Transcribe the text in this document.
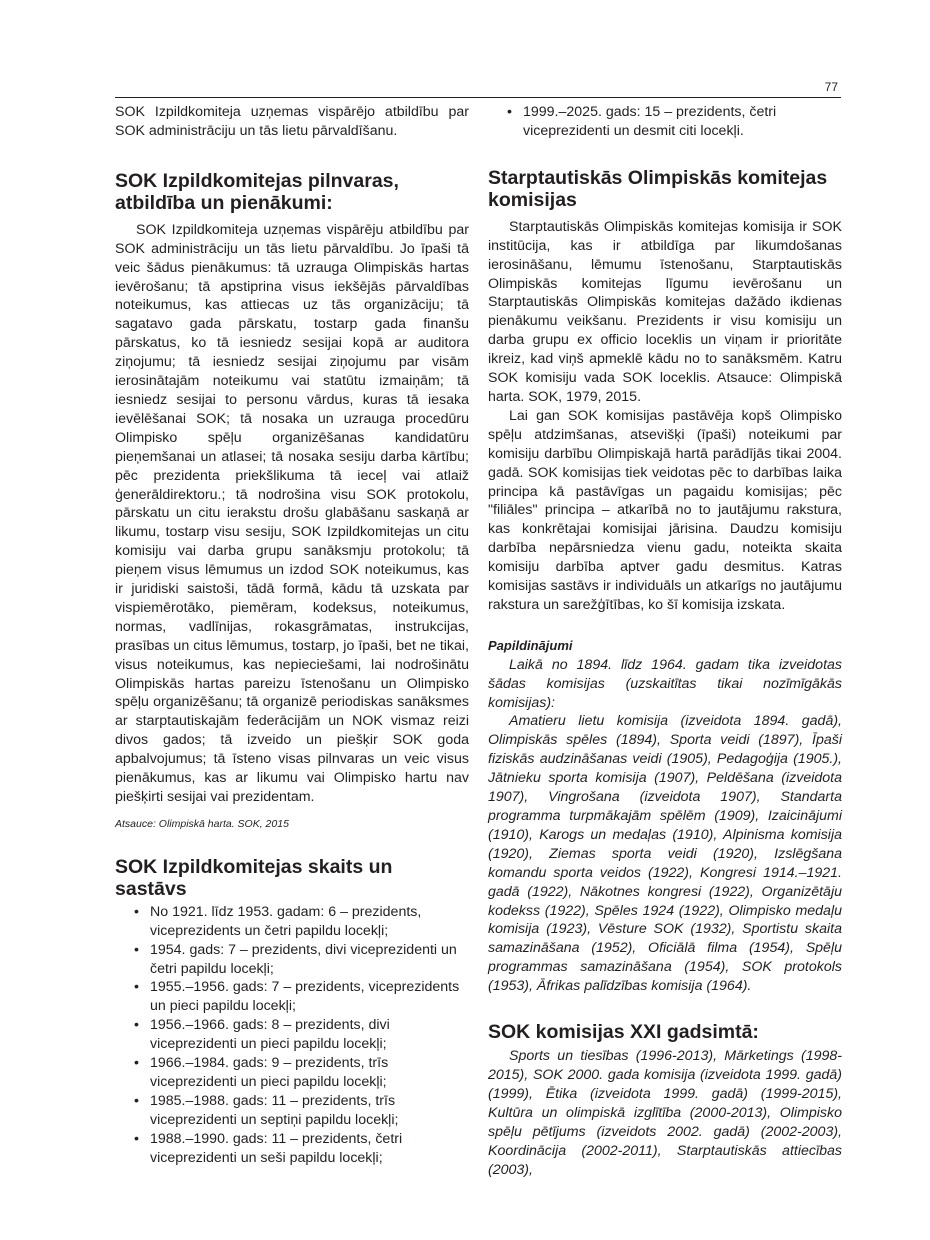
77

SOK Izpildkomiteja uzņemas vispārējo atbildību par SOK administrāciju un tās lietu pārvaldīšanu.

SOK Izpildkomitejas pilnvaras, atbildība un pienākumi:

SOK Izpildkomiteja uzņemas vispārēju atbildību par SOK administrāciju un tās lietu pārvaldību. Jo īpaši tā veic šādus pienākumus: tā uzrauga Olimpiskās hartas ievērošanu; tā apstiprina visus iekšējās pārvaldības noteikumus, kas attiecas uz tās organizāciju; tā sagatavo gada pārskatu, tostarp gada finanšu pārskatus, ko tā iesniedz sesijai kopā ar auditora ziņojumu; tā iesniedz sesijai ziņojumu par visām ierosinātajām noteikumu vai statūtu izmaiņām; tā iesniedz sesijai to personu vārdus, kuras tā iesaka ievēlēšanai SOK; tā nosaka un uzrauga procedūru Olimpisko spēļu organizēšanas kandidatūru pieņemšanai un atlasei; tā nosaka sesiju darba kārtību; pēc prezidenta priekšlikuma tā ieceļ vai atlaiž ģenerāldirektoru.; tā nodrošina visu SOK protokolu, pārskatu un citu ierakstu drošu glabāšanu saskaņā ar likumu, tostarp visu sesiju, SOK Izpildkomitejas un citu komisiju vai darba grupu sanāksmju protokolu; tā pieņem visus lēmumus un izdod SOK noteikumus, kas ir juridiski saistoši, tādā formā, kādu tā uzskata par vispiemērotāko, piemēram, kodeksus, noteikumus, normas, vadlīnijas, rokasgrāmatas, instrukcijas, prasības un citus lēmumus, tostarp, jo īpaši, bet ne tikai, visus noteikumus, kas nepieciešami, lai nodrošinātu Olimpiskās hartas pareizu īstenošanu un Olimpisko spēļu organizēšanu; tā organizē periodiskas sanāksmes ar starptautiskajām federācijām un NOK vismaz reizi divos gados; tā izveido un piešķir SOK goda apbalvojumus; tā īsteno visas pilnvaras un veic visus pienākumus, kas ar likumu vai Olimpisko hartu nav piešķirti sesijai vai prezidentam.

Atsauce: Olimpiskā harta. SOK, 2015
SOK Izpildkomitejas skaits un sastāvs
• No 1921. līdz 1953. gadam: 6 – prezidents, viceprezidents un četri papildu locekļi;
• 1954. gads: 7 – prezidents, divi viceprezidenti un četri papildu locekļi;
• 1955.–1956. gads: 7 – prezidents, viceprezidents un pieci papildu locekļi;
• 1956.–1966. gads: 8 – prezidents, divi viceprezidenti un pieci papildu locekļi;
• 1966.–1984. gads: 9 – prezidents, trīs viceprezidenti un pieci papildu locekļi;
• 1985.–1988. gads: 11 – prezidents, trīs viceprezidenti un septiņi papildu locekļi;
• 1988.–1990. gads: 11 – prezidents, četri viceprezidenti un seši papildu locekļi;
• 1999.–2025. gads: 15 – prezidents, četri viceprezidenti un desmit citi locekļi.
Starptautiskās Olimpiskās komitejas komisijas

Starptautiskās Olimpiskās komitejas komisija ir SOK institūcija, kas ir atbildīga par likumdošanas ierosināšanu, lēmumu īstenošanu, Starptautiskās Olimpiskās komitejas līgumu ievērošanu un Starptautiskās Olimpiskās komitejas dažādo ikdienas pienākumu veikšanu. Prezidents ir visu komisiju un darba grupu ex officio loceklis un viņam ir prioritāte ikreiz, kad viņš apmeklē kādu no to sanāksmēm. Katru SOK komisiju vada SOK loceklis. Atsauce: Olimpiskā harta. SOK, 1979, 2015.

Lai gan SOK komisijas pastāvēja kopš Olimpisko spēļu atdzimšanas, atsevišķi (īpaši) noteikumi par komisiju darbību Olimpiskajā hartā parādījās tikai 2004. gadā. SOK komisijas tiek veidotas pēc to darbības laika principa kā pastāvīgas un pagaidu komisijas; pēc "filiāles" principa – atkarībā no to jautājumu rakstura, kas konkrētajai komisijai jārisina. Daudzu komisiju darbība nepārsniedza vienu gadu, noteikta skaita komisiju darbība aptver gadu desmitus. Katras komisijas sastāvs ir individuāls un atkarīgs no jautājumu rakstura un sarežģītības, ko šī komisija izskata.

Papildinājumi

Laikā no 1894. līdz 1964. gadam tika izveidotas šādas komisijas (uzskaitītas tikai nozīmīgākās komisijas):

Amatieru lietu komisija (izveidota 1894. gadā), Olimpiskās spēles (1894), Sporta veidi (1897), Īpaši fiziskās audzināšanas veidi (1905), Pedagoģija (1905.), Jātnieku sporta komisija (1907), Peldēšana (izveidota 1907), Vingrošana (izveidota 1907), Standarta programma turpmākajām spēlēm (1909), Izaicinājumi (1910), Karogs un medaļas (1910), Alpinisma komisija (1920), Ziemas sporta veidi (1920), Izslēgšana komandu sporta veidos (1922), Kongresi 1914.–1921. gadā (1922), Nākotnes kongresi (1922), Organizētāju kodekss (1922), Spēles 1924 (1922), Olimpisko medaļu komisija (1923), Vēsture SOK (1932), Sportistu skaita samazināšana (1952), Oficiālā filma (1954), Spēļu programmas samazināšana (1954), SOK protokols (1953), Āfrikas palīdzības komisija (1964).

SOK komisijas XXI gadsimtā:

Sports un tiesības (1996-2013), Mārketings (1998-2015), SOK 2000. gada komisija (izveidota 1999. gadā) (1999), Ētika (izveidota 1999. gadā) (1999-2015), Kultūra un olimpiskā izglītība (2000-2013), Olimpisko spēļu pētījums (izveidots 2002. gadā) (2002-2003), Koordinācija (2002-2011), Starptautiskās attiecības (2003),
